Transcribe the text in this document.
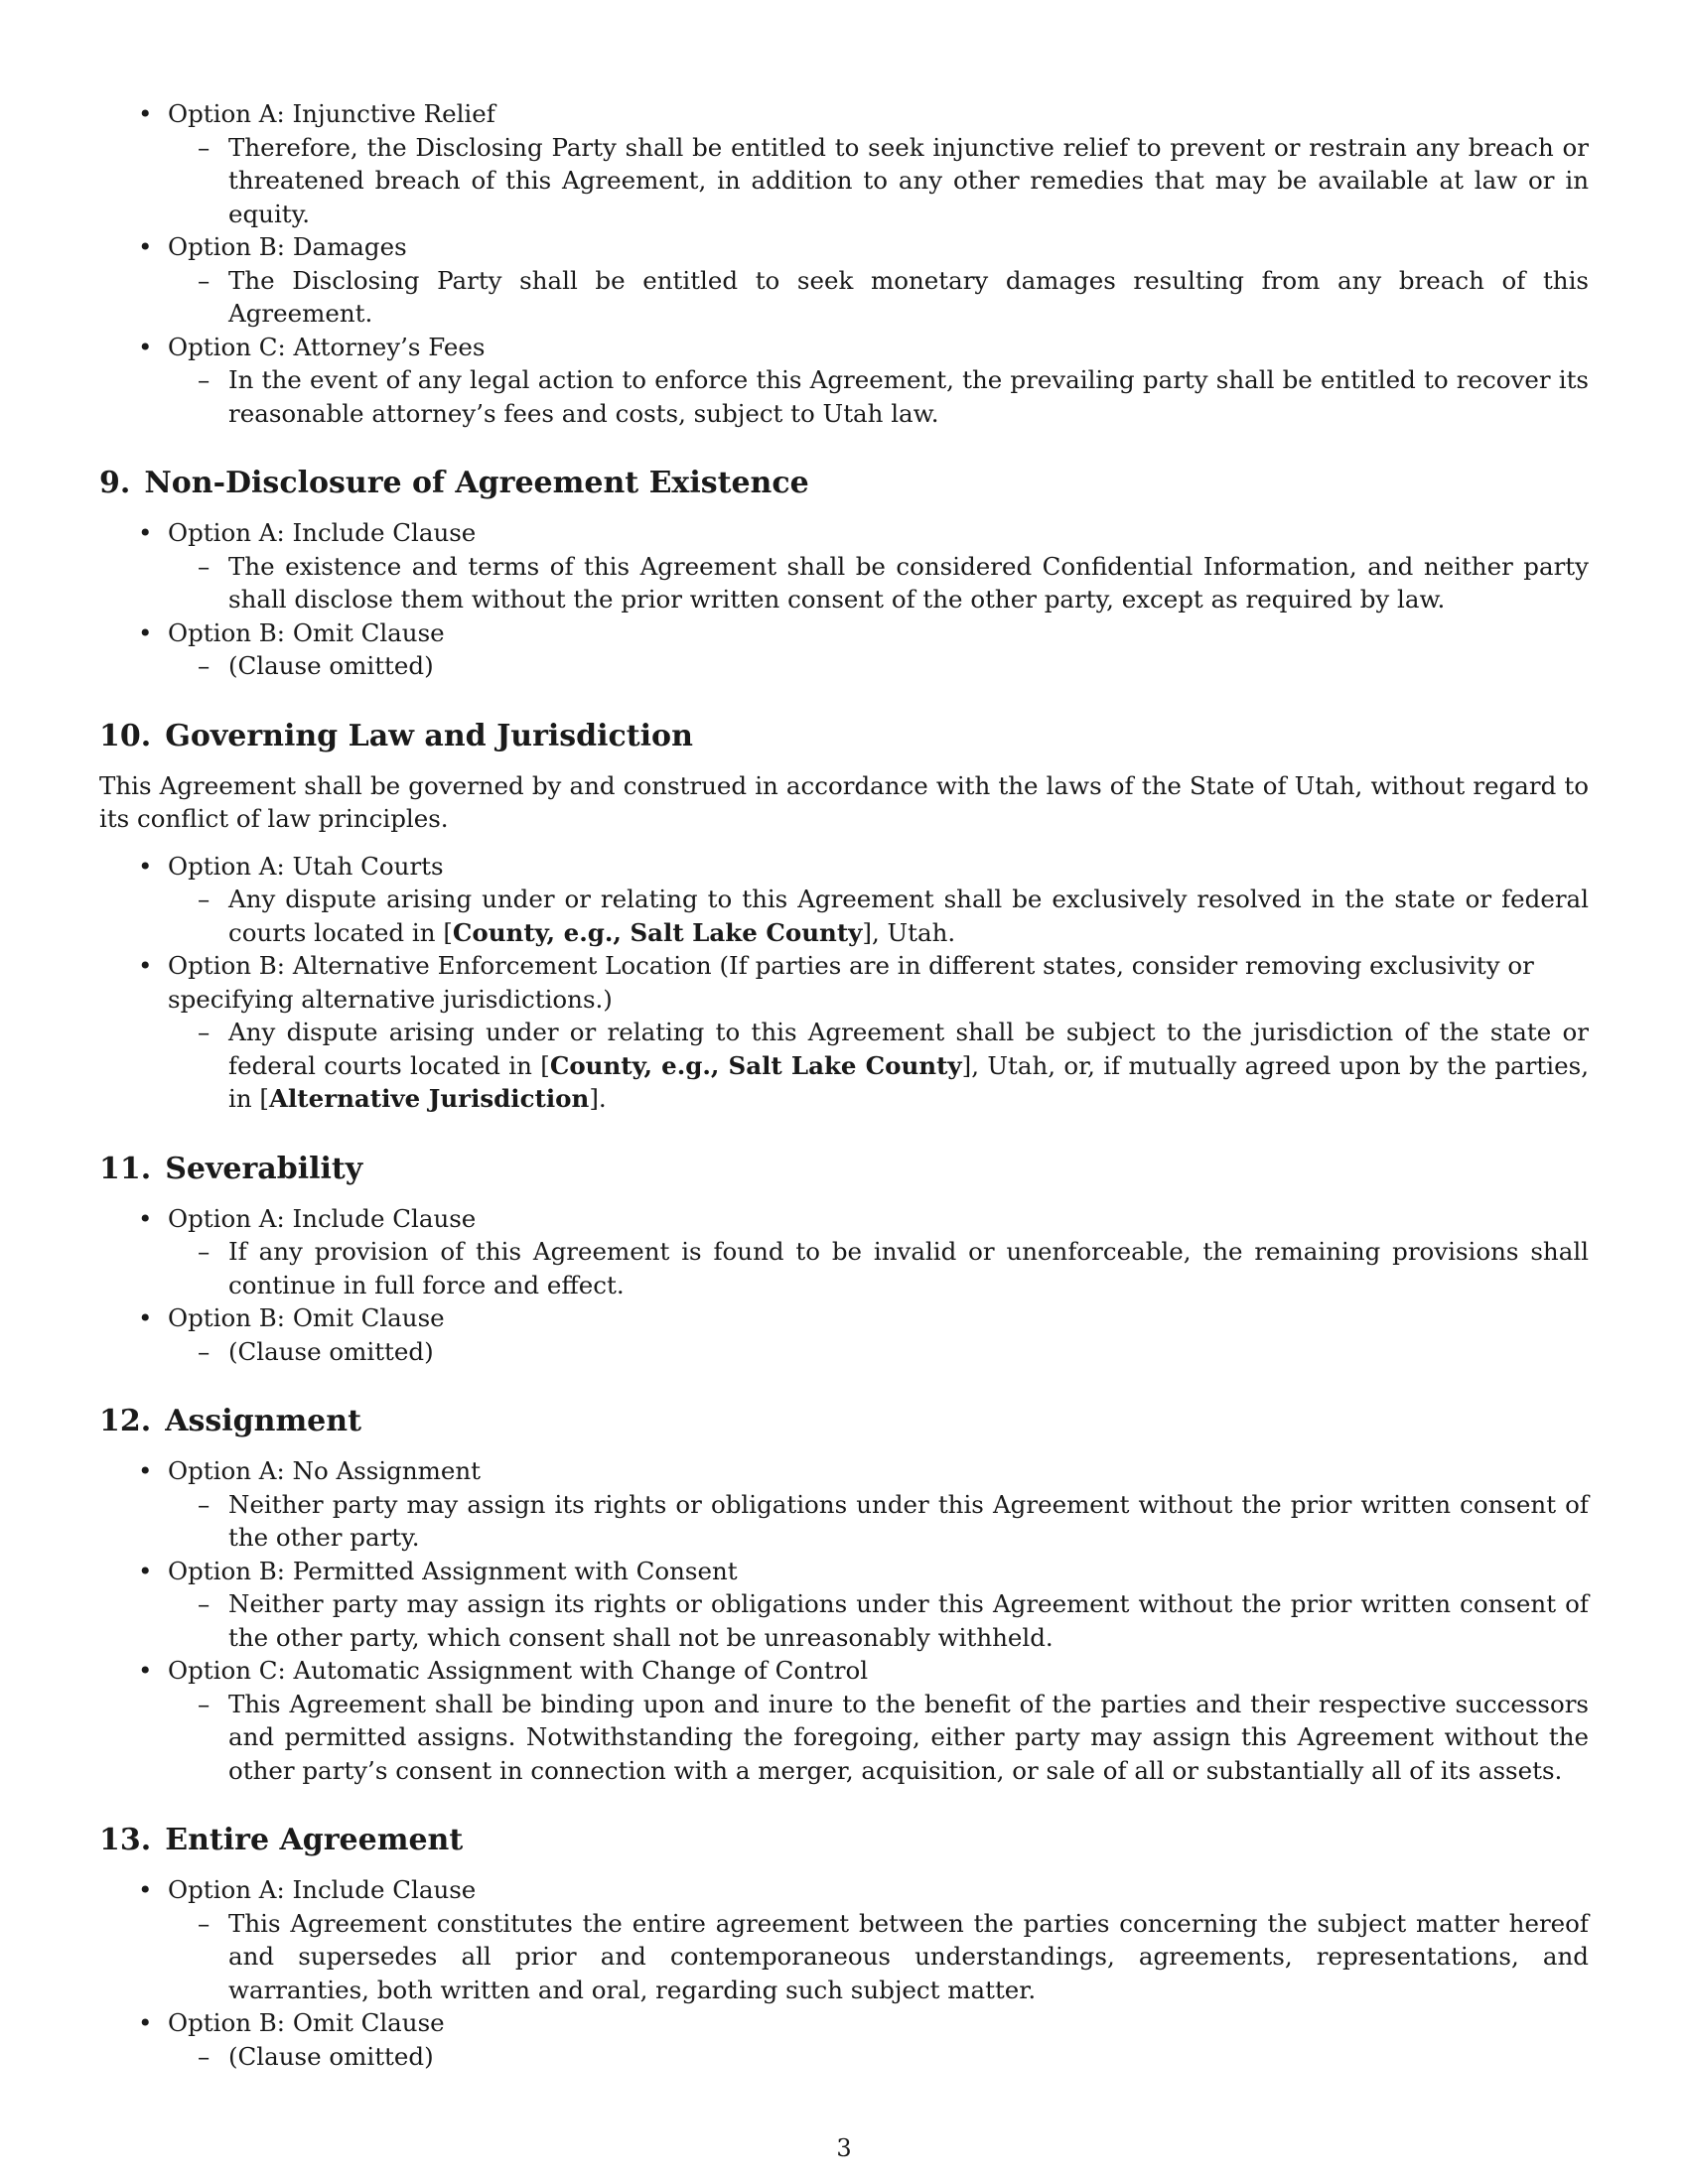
• Option A: Injunctive Relief
– Therefore, the Disclosing Party shall be entitled to seek injunctive relief to prevent or restrain any breach or threatened breach of this Agreement, in addition to any other remedies that may be available at law or in equity.
• Option B: Damages
– The Disclosing Party shall be entitled to seek monetary damages resulting from any breach of this Agreement.
• Option C: Attorney’s Fees
– In the event of any legal action to enforce this Agreement, the prevailing party shall be entitled to recover its reasonable attorney’s fees and costs, subject to Utah law.
9. Non-Disclosure of Agreement Existence
• Option A: Include Clause
– The existence and terms of this Agreement shall be considered Confidential Information, and neither party shall disclose them without the prior written consent of the other party, except as required by law.
• Option B: Omit Clause
– (Clause omitted)
10. Governing Law and Jurisdiction

This Agreement shall be governed by and construed in accordance with the laws of the State of Utah, without regard to its conflict of law principles.

• Option A: Utah Courts
– Any dispute arising under or relating to this Agreement shall be exclusively resolved in the state or federal courts located in [County, e.g., Salt Lake County], Utah.
• Option B: Alternative Enforcement Location (If parties are in different states, consider removing exclusivity or specifying alternative jurisdictions.)
– Any dispute arising under or relating to this Agreement shall be subject to the jurisdiction of the state or federal courts located in [County, e.g., Salt Lake County], Utah, or, if mutually agreed upon by the parties, in [Alternative Jurisdiction].
11. Severability
• Option A: Include Clause
– If any provision of this Agreement is found to be invalid or unenforceable, the remaining provisions shall continue in full force and effect.
• Option B: Omit Clause
– (Clause omitted)
12. Assignment
• Option A: No Assignment
– Neither party may assign its rights or obligations under this Agreement without the prior written consent of the other party.
• Option B: Permitted Assignment with Consent
– Neither party may assign its rights or obligations under this Agreement without the prior written consent of the other party, which consent shall not be unreasonably withheld.
• Option C: Automatic Assignment with Change of Control
– This Agreement shall be binding upon and inure to the benefit of the parties and their respective successors and permitted assigns. Notwithstanding the foregoing, either party may assign this Agreement without the other party’s consent in connection with a merger, acquisition, or sale of all or substantially all of its assets.
13. Entire Agreement
• Option A: Include Clause
– This Agreement constitutes the entire agreement between the parties concerning the subject matter hereof and supersedes all prior and contemporaneous understandings, agreements, representations, and warranties, both written and oral, regarding such subject matter.
• Option B: Omit Clause
– (Clause omitted)
3
